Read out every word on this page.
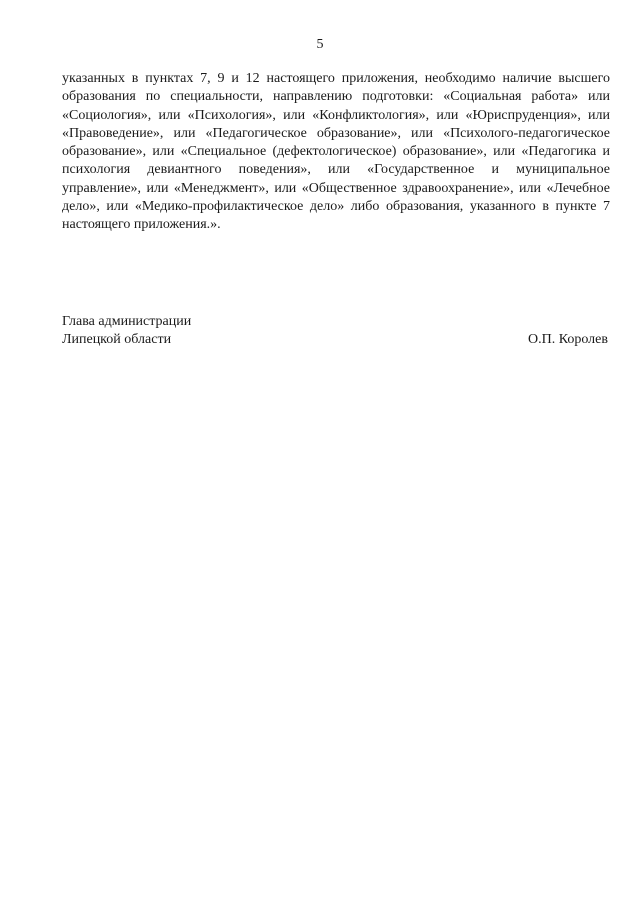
5

указанных в пунктах 7, 9 и 12 настоящего приложения, необходимо наличие высшего образования по специальности, направлению подготовки: «Социальная работа» или «Социология», или «Психология», или «Конфликтология», или «Юриспруденция», или «Правоведение», или «Педагогическое образование», или «Психолого-педагогическое образование», или «Специальное (дефектологическое) образование», или «Педагогика и психология девиантного поведения», или «Государственное и муниципальное управление», или «Менеджмент», или «Общественное здравоохранение», или «Лечебное дело», или «Медико-профилактическое дело» либо образования, указанного в пункте 7 настоящего приложения.».

Глава администрации
Липецкой области	О.П. Королев
